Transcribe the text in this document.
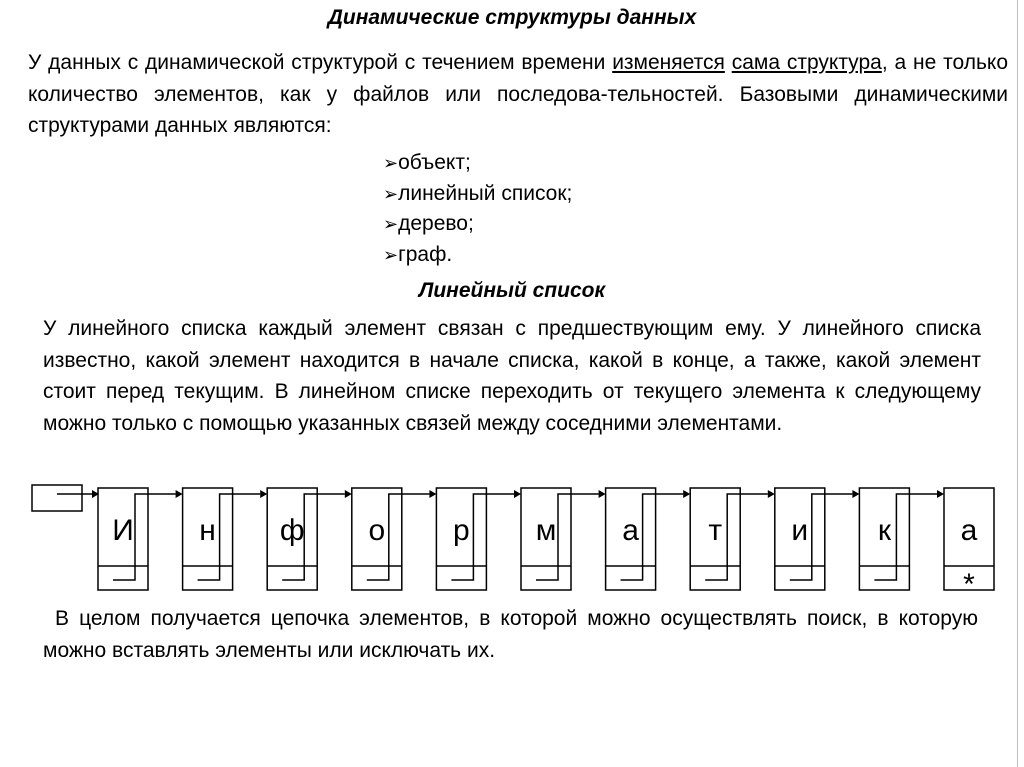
Динамические структуры данных
У данных с динамической структурой с течением времени изменяется сама структура, а не только количество элементов, как у файлов или последова-тельностей. Базовыми динамическими структурами данных являются:
➢объект;
➢линейный список;
➢дерево;
➢граф.
Линейный список
У линейного списка каждый элемент связан с предшествующим ему. У линейного списка известно, какой элемент находится в начале списка, какой в конце, а также, какой элемент стоит перед текущим. В линейном списке переходить от текущего элемента к следующему можно только с помощью указанных связей между соседними элементами.
И н ф о р м а т и к а
*
В целом получается цепочка элементов, в которой можно осуществлять поиск, в которую можно вставлять элементы или исключать их.
